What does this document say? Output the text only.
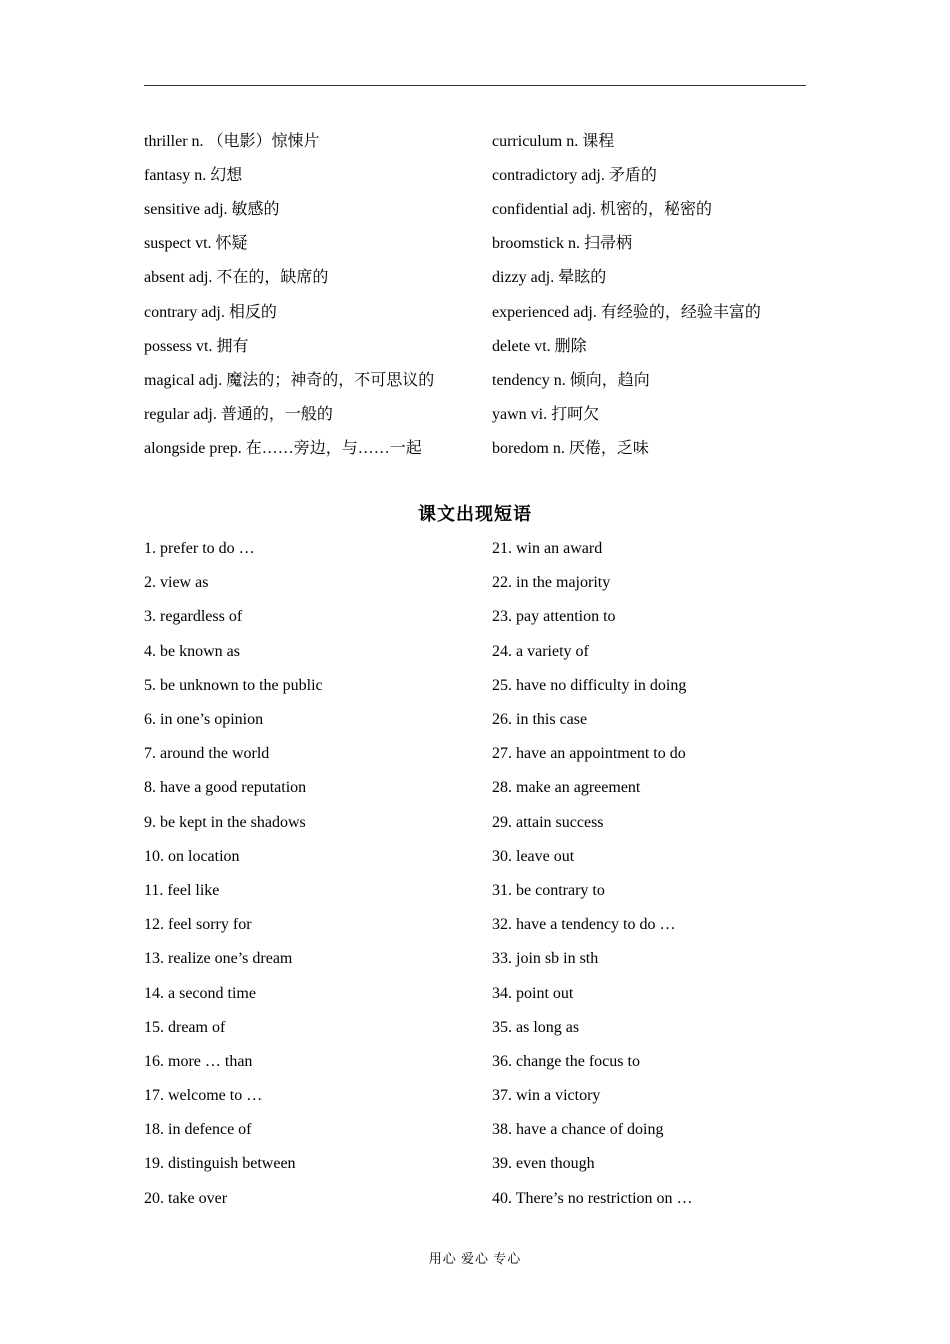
thriller n. （电影）惊悚片	curriculum n. 课程
fantasy n. 幻想	contradictory adj. 矛盾的
sensitive adj. 敏感的	confidential adj. 机密的，秘密的
suspect vt. 怀疑	broomstick n. 扫帚柄
absent adj. 不在的，缺席的	dizzy adj. 晕眩的
contrary adj. 相反的	experienced adj. 有经验的，经验丰富的
possess vt. 拥有	delete vt. 删除
magical adj. 魔法的；神奇的，不可思议的	tendency n. 倾向，趋向
regular adj. 普通的，一般的	yawn vi. 打呵欠
alongside prep. 在……旁边，与……一起	boredom n. 厌倦，乏味
课文出现短语
1. prefer to do …	21. win an award
2. view as	22. in the majority
3. regardless of	23. pay attention to
4. be known as	24. a variety of
5. be unknown to the public	25. have no difficulty in doing
6. in one’s opinion	26. in this case
7. around the world	27. have an appointment to do
8. have a good reputation	28. make an agreement
9. be kept in the shadows	29. attain success
10. on location	30. leave out
11. feel like	31. be contrary to
12. feel sorry for	32. have a tendency to do …
13. realize one’s dream	33. join sb in sth
14. a second time	34. point out
15. dream of	35. as long as
16. more … than	36. change the focus to
17. welcome to …	37. win a victory
18. in defence of	38. have a chance of doing
19. distinguish between	39. even though
20. take over	40. There’s no restriction on …
用心 爱心 专心
